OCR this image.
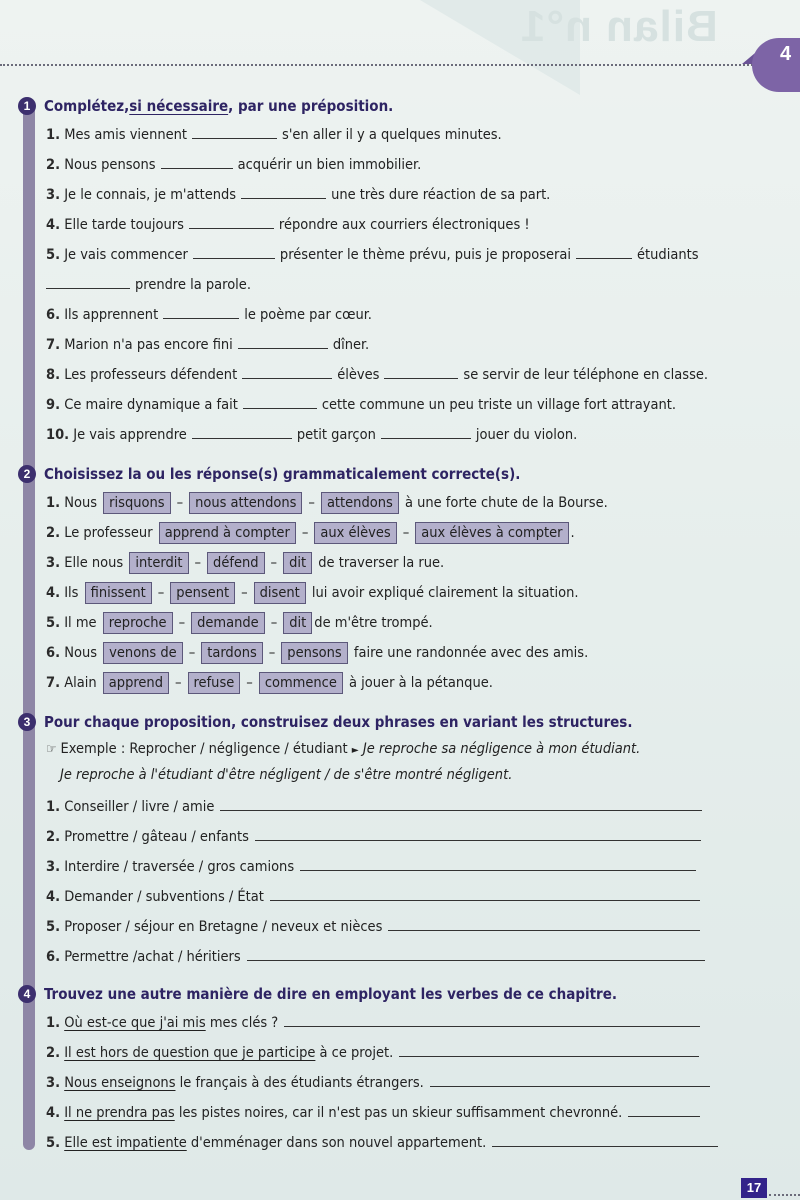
Bilan n°1
4
1 Complétez, si nécessaire , par une préposition.
1. Mes amis viennent	s'en aller il y a quelques minutes.
2. Nous pensons	acquérir un bien immobilier.
3. Je le connais, je m'attends	une très dure réaction de sa part.
4. Elle tarde toujours	répondre aux courriers électroniques !
5. Je vais commencer	présenter le thème prévu, puis je proposerai	étudiants
prendre la parole.
6. Ils apprennent	le poème par cœur.
7. Marion n'a pas encore fini	dîner.
8. Les professeurs défendent	élèves	se servir de leur téléphone en classe.
9. Ce maire dynamique a fait	cette commune un peu triste un village fort attrayant.
10. Je vais apprendre	petit garçon	jouer du violon.
2 Choisissez la ou les réponse(s) grammaticalement correcte(s).
1. Nous risquons – nous attendons – attendons à une forte chute de la Bourse.
2. Le professeur apprend à compter – aux élèves – aux élèves à compter .
3. Elle nous interdit – défend – dit de traverser la rue.
4. Ils finissent – pensent – disent lui avoir expliqué clairement la situation.
5. Il me reproche – demande – dit de m'être trompé.
6. Nous venons de – tardons – pensons faire une randonnée avec des amis.
7. Alain apprend – refuse – commence à jouer à la pétanque.
3 Pour chaque proposition, construisez deux phrases en variant les structures.
☞ Exemple : Reprocher / négligence / étudiant ► Je reproche sa négligence à mon étudiant.
Je reproche à l'étudiant d'être négligent / de s'être montré négligent.
1. Conseiller / livre / amie
2. Promettre / gâteau / enfants
3. Interdire / traversée / gros camions
4. Demander / subventions / État
5. Proposer / séjour en Bretagne / neveux et nièces
6. Permettre /achat / héritiers
4 Trouvez une autre manière de dire en employant les verbes de ce chapitre.
1. Où est-ce que j'ai mis mes clés ?
2. Il est hors de question que je participe à ce projet.
3. Nous enseignons le français à des étudiants étrangers.
4. Il ne prendra pas les pistes noires, car il n'est pas un skieur suffisamment chevronné.
5. Elle est impatiente d'emménager dans son nouvel appartement.
17
